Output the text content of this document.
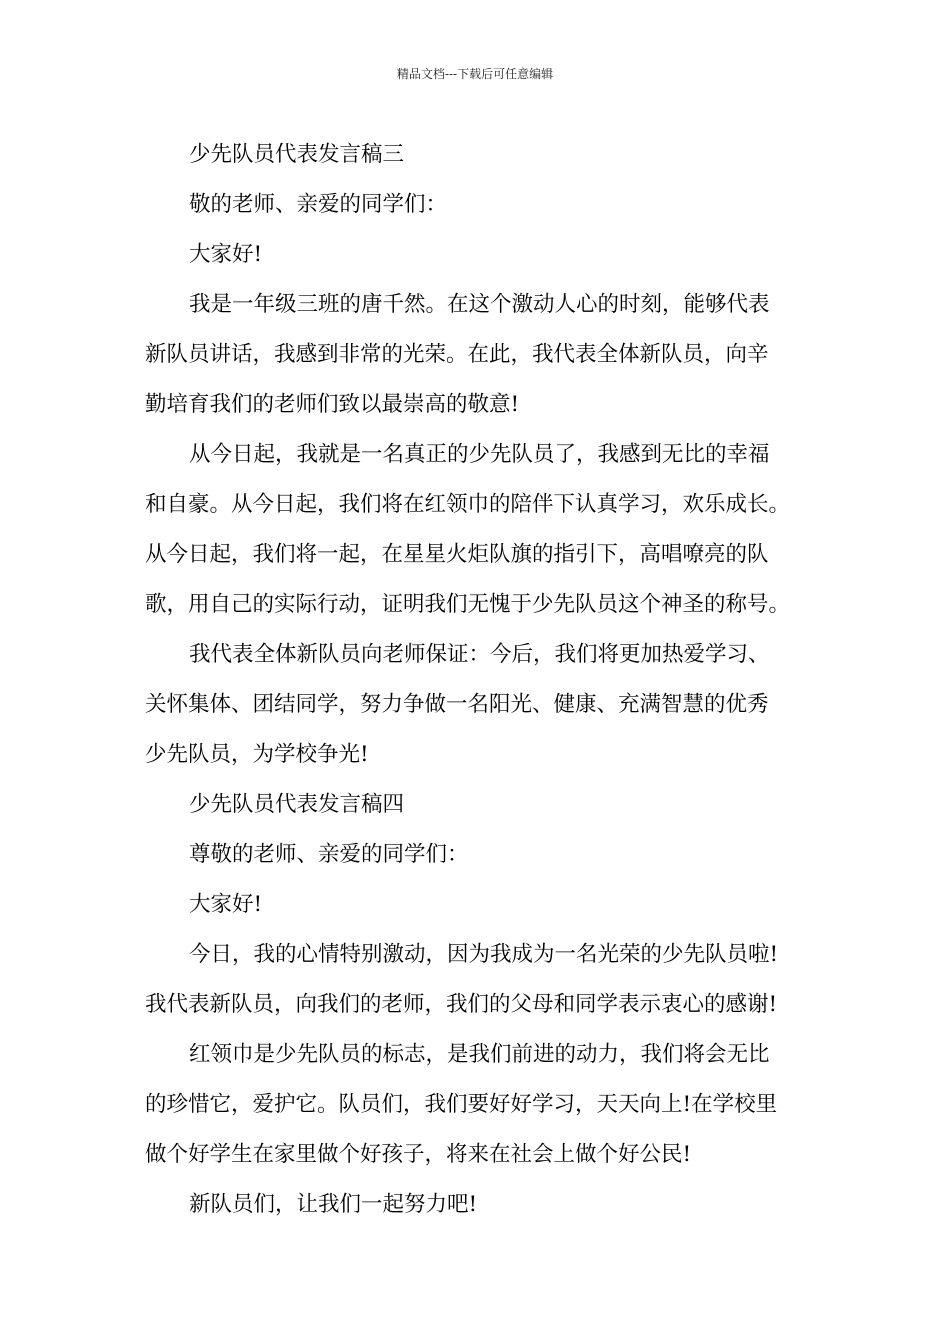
精品文档---下载后可任意编辑
少先队员代表发言稿三
敬的老师、亲爱的同学们：
大家好!
我是一年级三班的唐千然。在这个激动人心的时刻，能够代表
新队员讲话，我感到非常的光荣。在此，我代表全体新队员，向辛
勤培育我们的老师们致以最崇高的敬意!
从今日起，我就是一名真正的少先队员了，我感到无比的幸福
和自豪。从今日起，我们将在红领巾的陪伴下认真学习，欢乐成长。
从今日起，我们将一起，在星星火炬队旗的指引下，高唱嘹亮的队
歌，用自己的实际行动，证明我们无愧于少先队员这个神圣的称号。
我代表全体新队员向老师保证：今后，我们将更加热爱学习、
关怀集体、团结同学，努力争做一名阳光、健康、充满智慧的优秀
少先队员，为学校争光!
少先队员代表发言稿四
尊敬的老师、亲爱的同学们：
大家好!
今日，我的心情特别激动，因为我成为一名光荣的少先队员啦!
我代表新队员，向我们的老师，我们的父母和同学表示衷心的感谢!
红领巾是少先队员的标志，是我们前进的动力，我们将会无比
的珍惜它，爱护它。队员们，我们要好好学习，天天向上!在学校里
做个好学生在家里做个好孩子，将来在社会上做个好公民!
新队员们，让我们一起努力吧!
